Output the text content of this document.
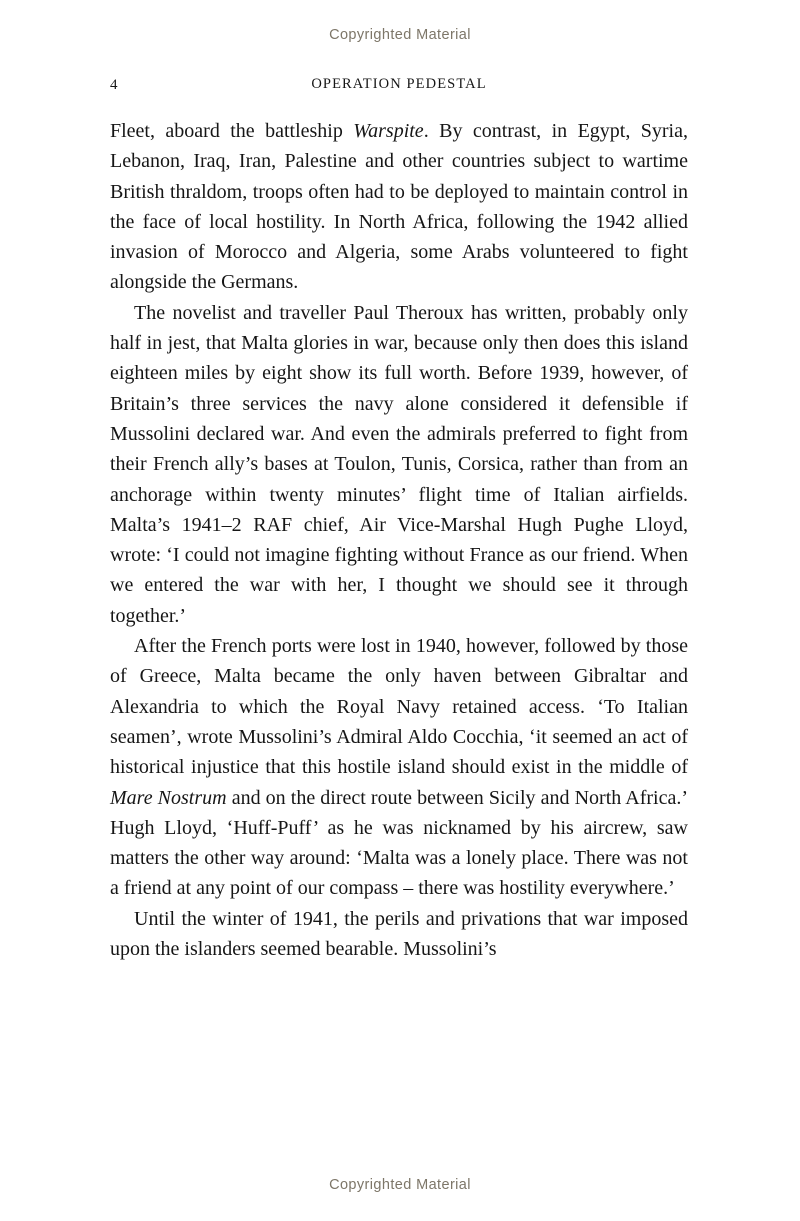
Copyrighted Material
4	OPERATION PEDESTAL

Fleet, aboard the battleship Warspite. By contrast, in Egypt, Syria, Lebanon, Iraq, Iran, Palestine and other countries subject to wartime British thraldom, troops often had to be deployed to maintain control in the face of local hostility. In North Africa, following the 1942 allied invasion of Morocco and Algeria, some Arabs volunteered to fight alongside the Germans.

The novelist and traveller Paul Theroux has written, probably only half in jest, that Malta glories in war, because only then does this island eighteen miles by eight show its full worth. Before 1939, however, of Britain’s three services the navy alone considered it defensible if Mussolini declared war. And even the admirals preferred to fight from their French ally’s bases at Toulon, Tunis, Corsica, rather than from an anchorage within twenty minutes’ flight time of Italian airfields. Malta’s 1941–2 RAF chief, Air Vice-Marshal Hugh Pughe Lloyd, wrote: ‘I could not imagine fighting without France as our friend. When we entered the war with her, I thought we should see it through together.’

After the French ports were lost in 1940, however, followed by those of Greece, Malta became the only haven between Gibraltar and Alexandria to which the Royal Navy retained access. ‘To Italian seamen’, wrote Mussolini’s Admiral Aldo Cocchia, ‘it seemed an act of historical injustice that this hostile island should exist in the middle of Mare Nostrum and on the direct route between Sicily and North Africa.’ Hugh Lloyd, ‘Huff-Puff’ as he was nicknamed by his aircrew, saw matters the other way around: ‘Malta was a lonely place. There was not a friend at any point of our compass – there was hostility everywhere.’

Until the winter of 1941, the perils and privations that war imposed upon the islanders seemed bearable. Mussolini’s

Copyrighted Material
